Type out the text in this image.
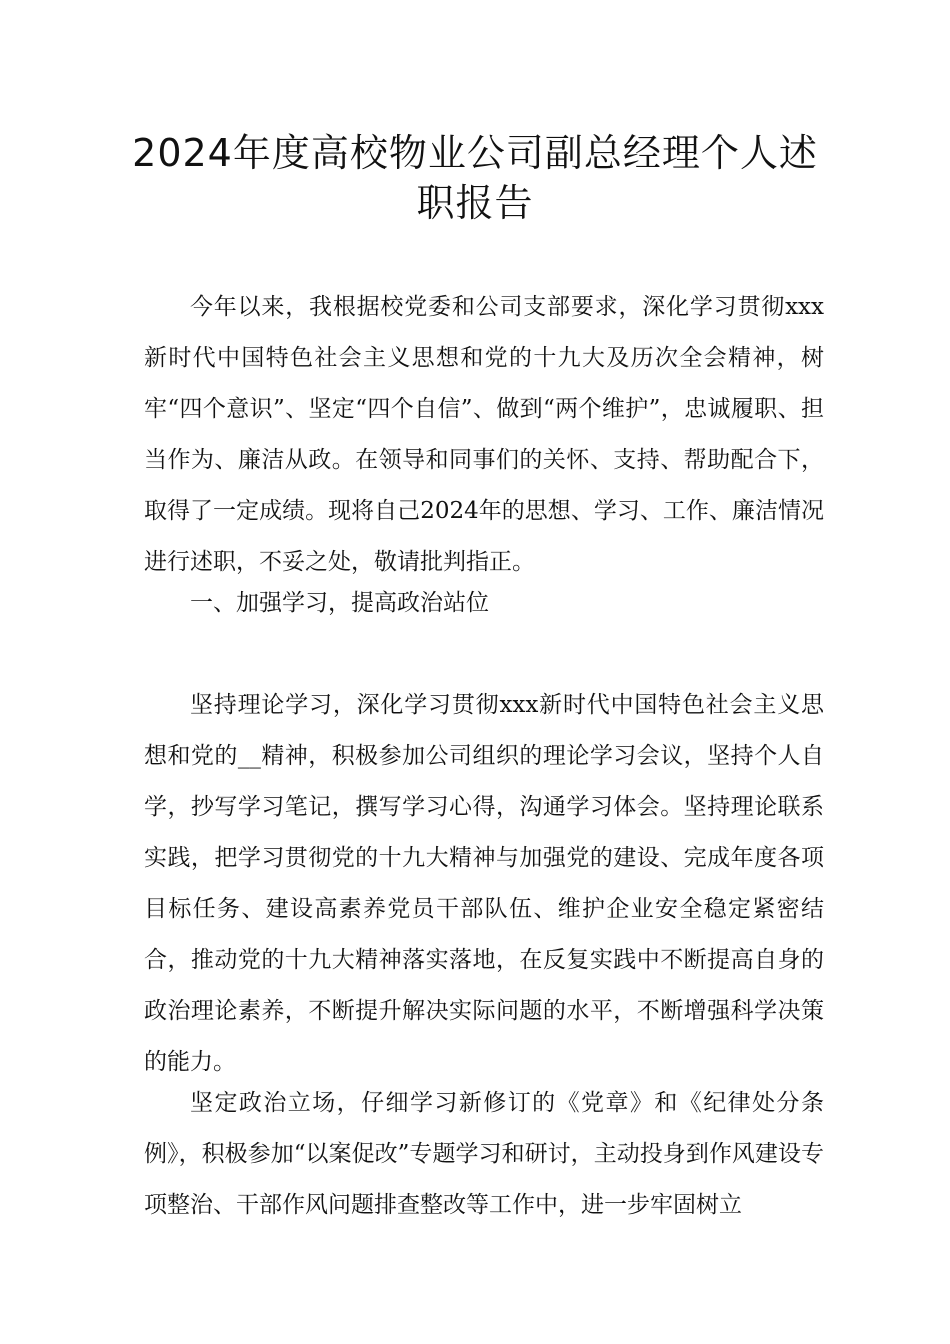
2024年度高校物业公司副总经理个人述
职报告

今年以来，我根据校党委和公司支部要求，深化学习贯彻xxx新时代中国特色社会主义思想和党的十九大及历次全会精神，树牢“四个意识”、坚定“四个自信”、做到“两个维护”，忠诚履职、担当作为、廉洁从政。在领导和同事们的关怀、支持、帮助配合下，取得了一定成绩。现将自己2024年的思想、学习、工作、廉洁情况进行述职，不妥之处，敬请批判指正。

一、加强学习，提高政治站位

坚持理论学习，深化学习贯彻xxx新时代中国特色社会主义思想和党的__精神，积极参加公司组织的理论学习会议，坚持个人自学，抄写学习笔记，撰写学习心得，沟通学习体会。坚持理论联系实践，把学习贯彻党的十九大精神与加强党的建设、完成年度各项目标任务、建设高素养党员干部队伍、维护企业安全稳定紧密结合，推动党的十九大精神落实落地，在反复实践中不断提高自身的政治理论素养，不断提升解决实际问题的水平，不断增强科学决策的能力。

坚定政治立场，仔细学习新修订的《党章》和《纪律处分条例》，积极参加“以案促改”专题学习和研讨，主动投身到作风建设专项整治、干部作风问题排查整改等工作中，进一步牢固树立
